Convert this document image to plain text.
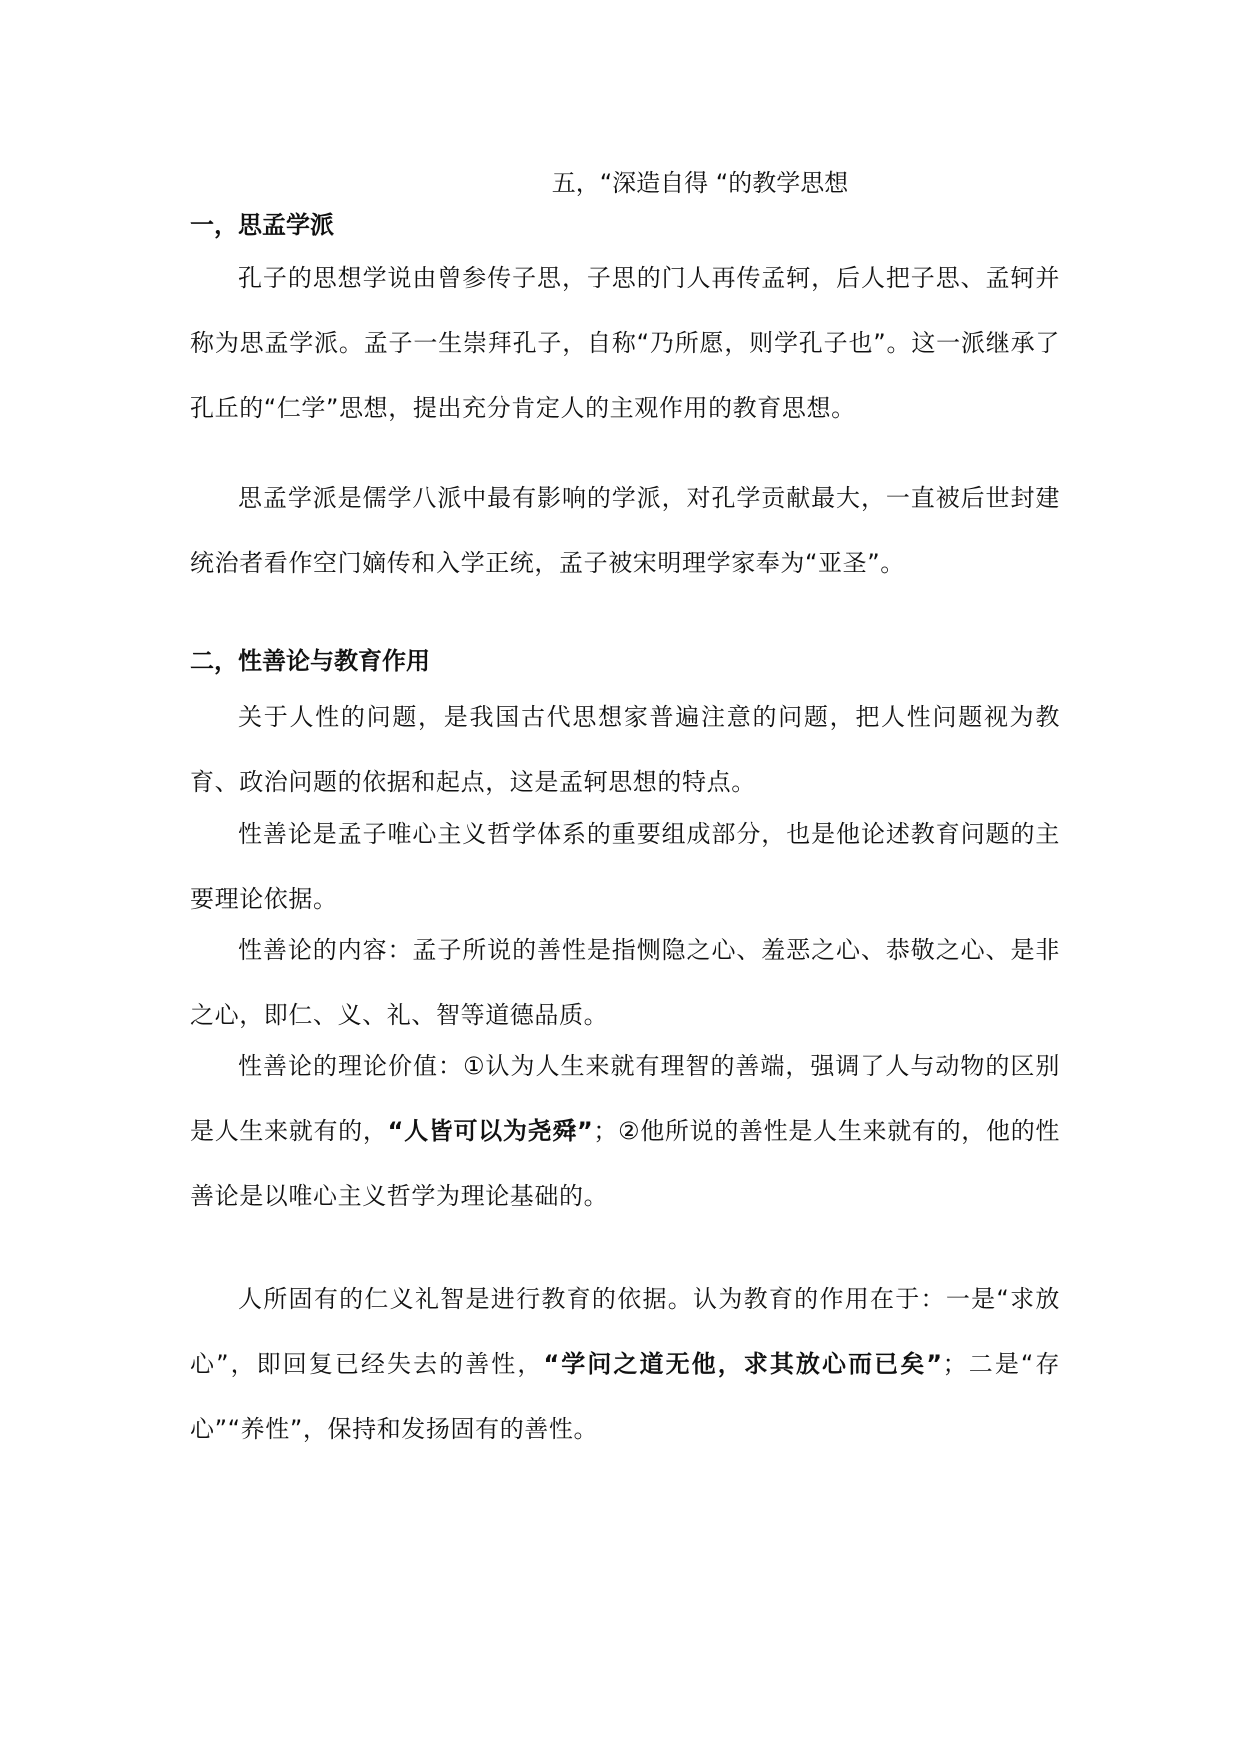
五，“深造自得 “的教学思想
一，思孟学派

孔子的思想学说由曾参传子思，子思的门人再传孟轲，后人把子思、孟轲并称为思孟学派。孟子一生崇拜孔子，自称“乃所愿，则学孔子也”。这一派继承了孔丘的“仁学”思想，提出充分肯定人的主观作用的教育思想。

思孟学派是儒学八派中最有影响的学派，对孔学贡献最大，一直被后世封建统治者看作空门嫡传和入学正统，孟子被宋明理学家奉为“亚圣”。

二，性善论与教育作用

关于人性的问题，是我国古代思想家普遍注意的问题，把人性问题视为教育、政治问题的依据和起点，这是孟轲思想的特点。

性善论是孟子唯心主义哲学体系的重要组成部分，也是他论述教育问题的主要理论依据。

性善论的内容：孟子所说的善性是指恻隐之心、羞恶之心、恭敬之心、是非之心，即仁、义、礼、智等道德品质。

性善论的理论价值：①认为人生来就有理智的善端，强调了人与动物的区别是人生来就有的，“人皆可以为尧舜”；②他所说的善性是人生来就有的，他的性善论是以唯心主义哲学为理论基础的。

人所固有的仁义礼智是进行教育的依据。认为教育的作用在于：一是“求放心”，即回复已经失去的善性，“学问之道无他，求其放心而已矣”；二是“存心”“养性”，保持和发扬固有的善性。
